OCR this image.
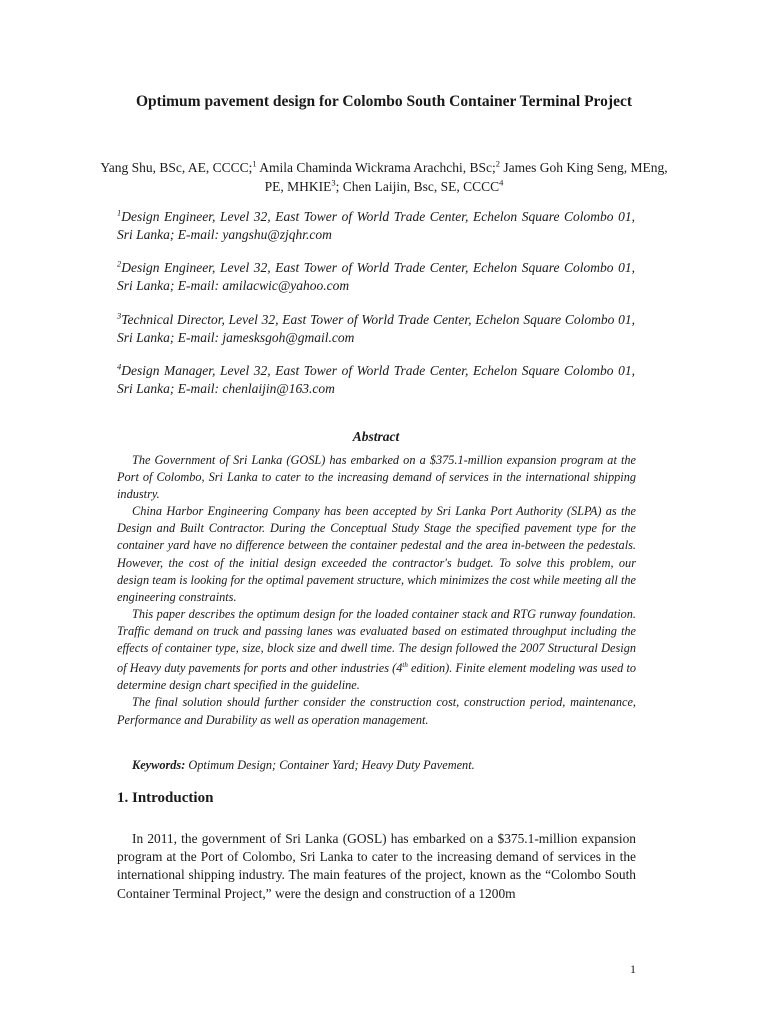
Optimum pavement design for Colombo South Container Terminal Project
Yang Shu, BSc, AE, CCCC;$^1$ Amila Chaminda Wickrama Arachchi, BSc;$^2$ James Goh King Seng, MEng, PE, MHKIE$^3$; Chen Laijin, Bsc, SE, CCCC$^4$
$^1$Design Engineer, Level 32, East Tower of World Trade Center, Echelon Square Colombo 01, Sri Lanka; E-mail: yangshu@zjqhr.com
$^2$Design Engineer, Level 32, East Tower of World Trade Center, Echelon Square Colombo 01, Sri Lanka; E-mail: amilacwic@yahoo.com
$^3$Technical Director, Level 32, East Tower of World Trade Center, Echelon Square Colombo 01, Sri Lanka; E-mail: jamesksgoh@gmail.com
$^4$Design Manager, Level 32, East Tower of World Trade Center, Echelon Square Colombo 01, Sri Lanka; E-mail: chenlaijin@163.com
Abstract

The Government of Sri Lanka (GOSL) has embarked on a $375.1-million expansion program at the Port of Colombo, Sri Lanka to cater to the increasing demand of services in the international shipping industry.

China Harbor Engineering Company has been accepted by Sri Lanka Port Authority (SLPA) as the Design and Built Contractor. During the Conceptual Study Stage the specified pavement type for the container yard have no difference between the container pedestal and the area in-between the pedestals. However, the cost of the initial design exceeded the contractor's budget. To solve this problem, our design team is looking for the optimal pavement structure, which minimizes the cost while meeting all the engineering constraints.

This paper describes the optimum design for the loaded container stack and RTG runway foundation. Traffic demand on truck and passing lanes was evaluated based on estimated throughput including the effects of container type, size, block size and dwell time. The design followed the 2007 Structural Design of Heavy duty pavements for ports and other industries (4th edition). Finite element modeling was used to determine design chart specified in the guideline.

The final solution should further consider the construction cost, construction period, maintenance, Performance and Durability as well as operation management.

Keywords: Optimum Design; Container Yard; Heavy Duty Pavement.
1. Introduction

In 2011, the government of Sri Lanka (GOSL) has embarked on a $375.1-million expansion program at the Port of Colombo, Sri Lanka to cater to the increasing demand of services in the international shipping industry. The main features of the project, known as the “Colombo South Container Terminal Project,” were the design and construction of a 1200m

1
